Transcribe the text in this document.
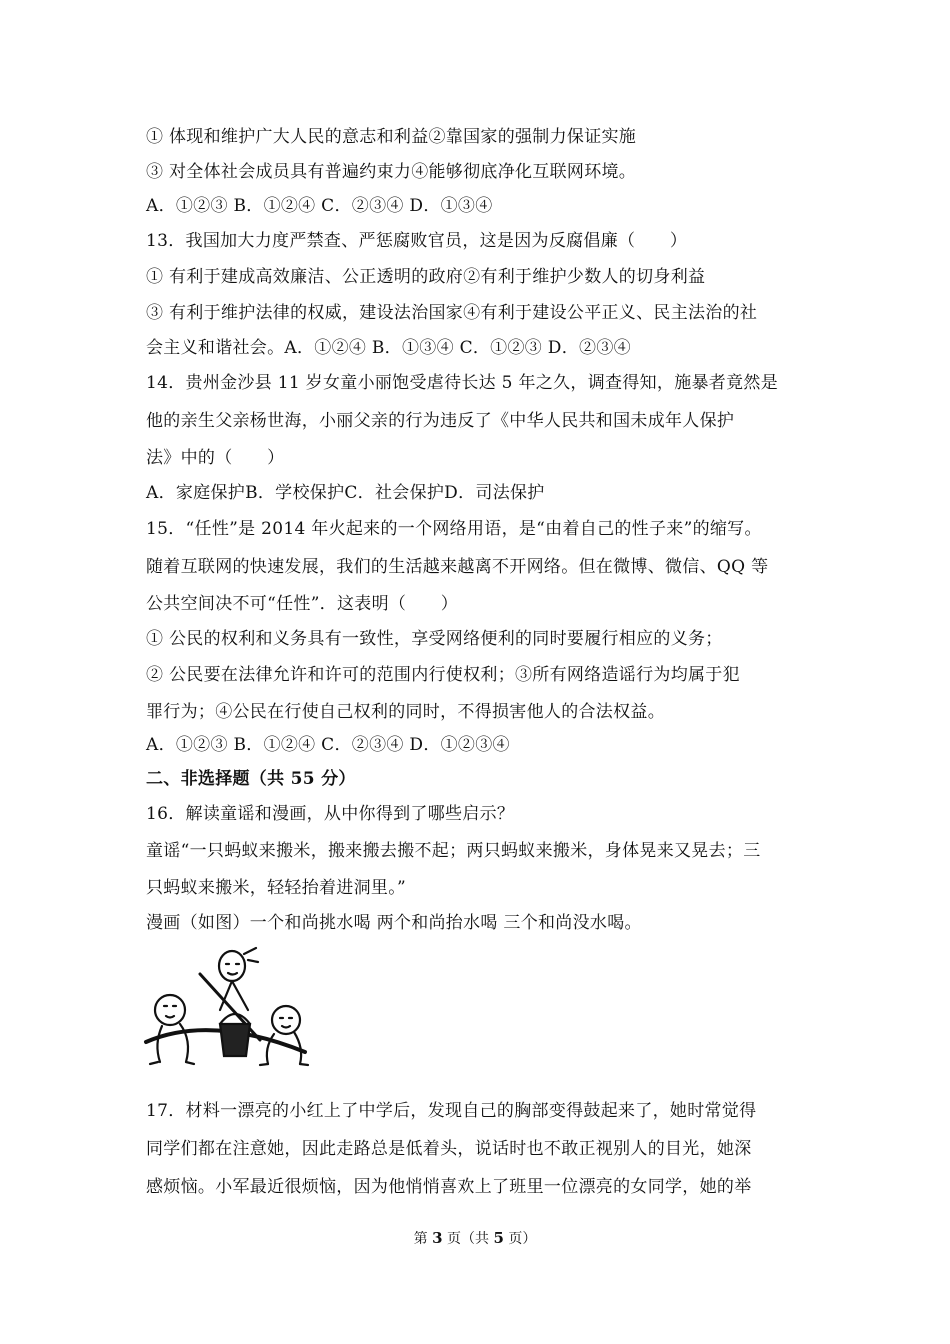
① 体现和维护广大人民的意志和利益②靠国家的强制力保证实施
③ 对全体社会成员具有普遍约束力④能够彻底净化互联网环境。
A．①②③ B．①②④ C．②③④ D．①③④
13．我国加大力度严禁查、严惩腐败官员，这是因为反腐倡廉（　　）
① 有利于建成高效廉洁、公正透明的政府②有利于维护少数人的切身利益
③ 有利于维护法律的权威，建设法治国家④有利于建设公平正义、民主法治的社
会主义和谐社会。A．①②④ B．①③④ C．①②③ D．②③④
14．贵州金沙县 11 岁女童小丽饱受虐待长达 5 年之久，调查得知，施暴者竟然是
他的亲生父亲杨世海，小丽父亲的行为违反了《中华人民共和国未成年人保护
法》中的（　　）
A．家庭保护B．学校保护C．社会保护D．司法保护
15．“任性”是 2014 年火起来的一个网络用语，是“由着自己的性子来”的缩写。
随着互联网的快速发展，我们的生活越来越离不开网络。但在微博、微信、QQ 等
公共空间决不可“任性”．这表明（　　）
① 公民的权利和义务具有一致性，享受网络便利的同时要履行相应的义务；
② 公民要在法律允许和许可的范围内行使权利；③所有网络造谣行为均属于犯
罪行为；④公民在行使自己权利的同时，不得损害他人的合法权益。
A．①②③ B．①②④ C．②③④ D．①②③④
二、非选择题（共 55 分）
16．解读童谣和漫画，从中你得到了哪些启示？
童谣“一只蚂蚁来搬米，搬来搬去搬不起；两只蚂蚁来搬米，身体晃来又晃去；三
只蚂蚁来搬米，轻轻抬着进洞里。”
漫画（如图）一个和尚挑水喝 两个和尚抬水喝 三个和尚没水喝。
17．材料一漂亮的小红上了中学后，发现自己的胸部变得鼓起来了，她时常觉得
同学们都在注意她，因此走路总是低着头，说话时也不敢正视别人的目光，她深
感烦恼。小军最近很烦恼，因为他悄悄喜欢上了班里一位漂亮的女同学，她的举
第 3 页（共 5 页）
